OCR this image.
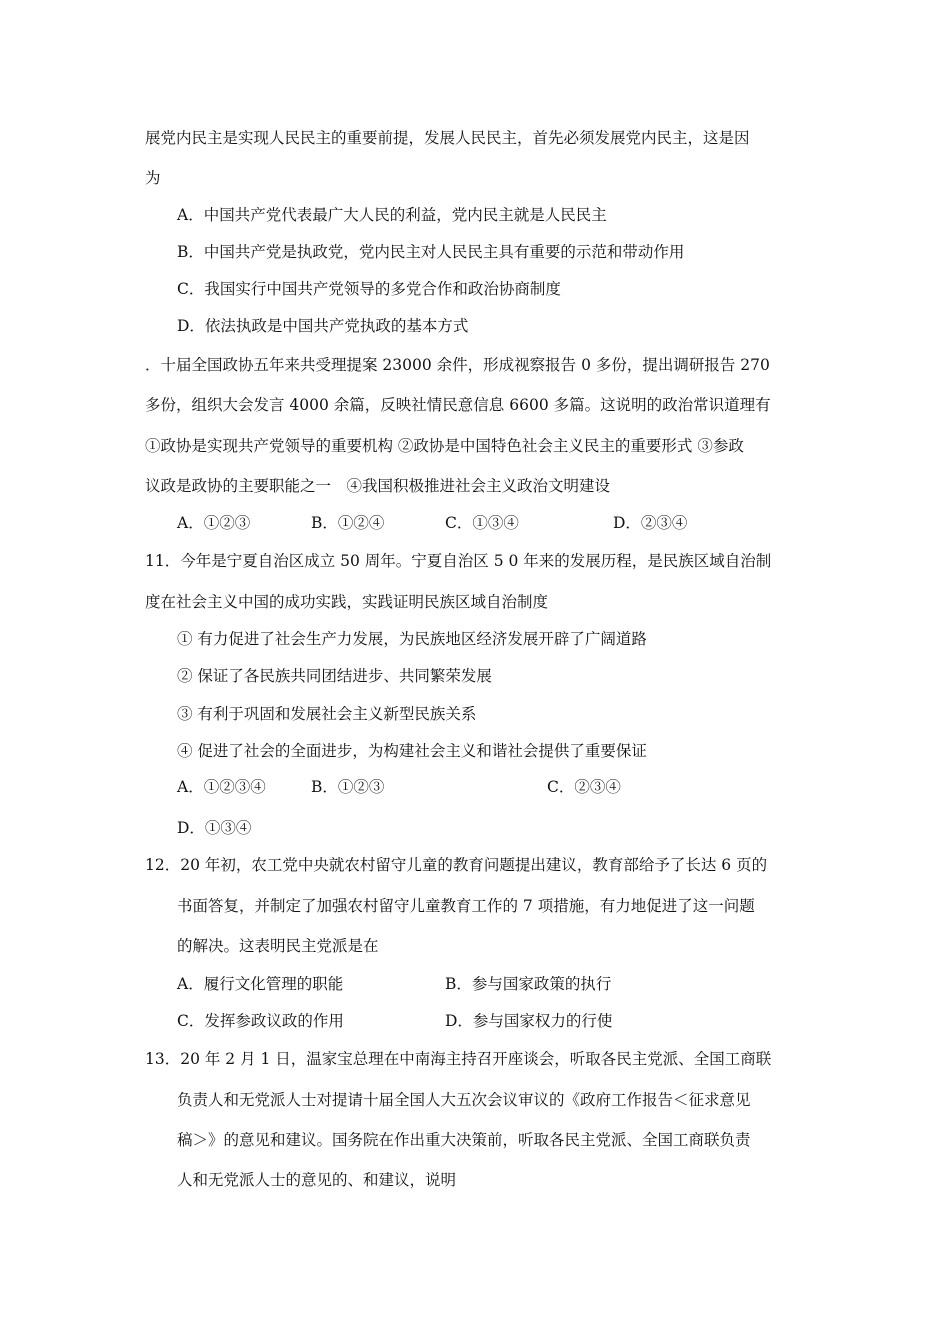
展党内民主是实现人民民主的重要前提，发展人民民主，首先必须发展党内民主，这是因
为
A．中国共产党代表最广大人民的利益，党内民主就是人民民主
B．中国共产党是执政党，党内民主对人民民主具有重要的示范和带动作用
C．我国实行中国共产党领导的多党合作和政治协商制度
D．依法执政是中国共产党执政的基本方式
．十届全国政协五年来共受理提案 23000 余件，形成视察报告 0 多份，提出调研报告 270
多份，组织大会发言 4000 余篇，反映社情民意信息 6600 多篇。这说明的政治常识道理有
①政协是实现共产党领导的重要机构 ②政协是中国特色社会主义民主的重要形式 ③参政
议政是政协的主要职能之一　④我国积极推进社会主义政治文明建设
A．①②③	B．①②④	C．①③④	D．②③④
11．今年是宁夏自治区成立 50 周年。宁夏自治区 5 0 年来的发展历程，是民族区域自治制
度在社会主义中国的成功实践，实践证明民族区域自治制度
① 有力促进了社会生产力发展，为民族地区经济发展开辟了广阔道路
② 保证了各民族共同团结进步、共同繁荣发展
③ 有利于巩固和发展社会主义新型民族关系
④ 促进了社会的全面进步，为构建社会主义和谐社会提供了重要保证
A．①②③④	B．①②③	C．②③④
D．①③④
12．20 年初，农工党中央就农村留守儿童的教育问题提出建议，教育部给予了长达 6 页的
书面答复，并制定了加强农村留守儿童教育工作的 7 项措施，有力地促进了这一问题
的解决。这表明民主党派是在
A．履行文化管理的职能	B．参与国家政策的执行
C．发挥参政议政的作用	D．参与国家权力的行使
13．20 年 2 月 1 日，温家宝总理在中南海主持召开座谈会，听取各民主党派、全国工商联
负责人和无党派人士对提请十届全国人大五次会议审议的《政府工作报告＜征求意见
稿＞》的意见和建议。国务院在作出重大决策前，听取各民主党派、全国工商联负责
人和无党派人士的意见的、和建议，说明
